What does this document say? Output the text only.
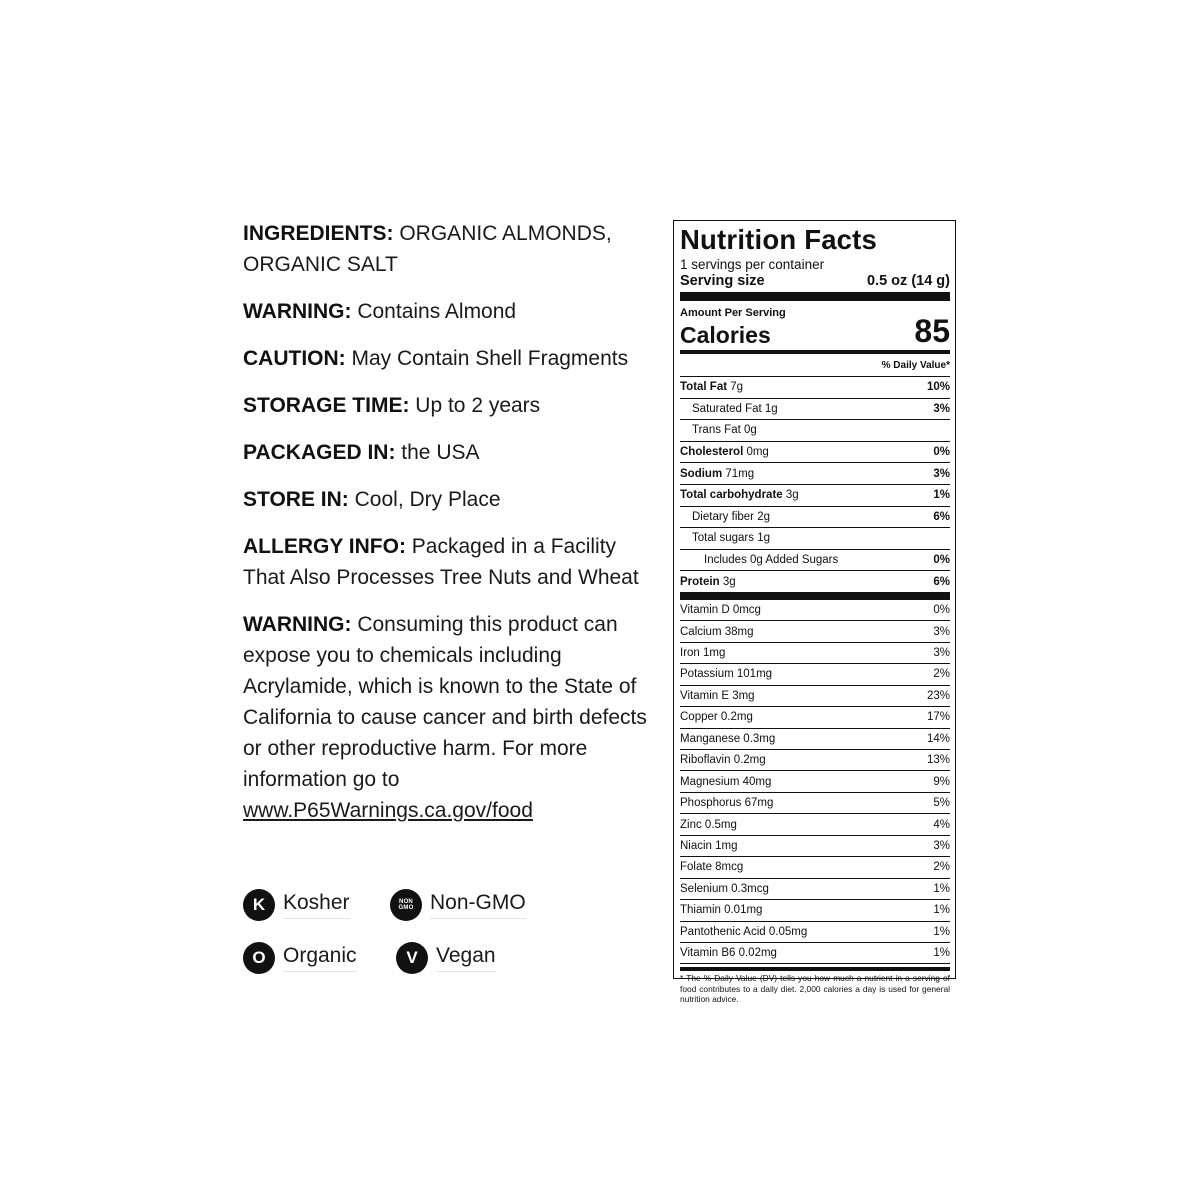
INGREDIENTS: ORGANIC ALMONDS, ORGANIC SALT

WARNING: Contains Almond

CAUTION: May Contain Shell Fragments

STORAGE TIME: Up to 2 years

PACKAGED IN: the USA

STORE IN: Cool, Dry Place

ALLERGY INFO: Packaged in a Facility That Also Processes Tree Nuts and Wheat

WARNING: Consuming this product can expose you to chemicals including Acrylamide, which is known to the State of California to cause cancer and birth defects or other reproductive harm. For more information go to
www.P65Warnings.ca.gov/food

K Kosher	NON
GMO Non-GMO
O Organic	V Vegan
Nutrition Facts
1 servings per container
Serving size	0.5 oz (14 g)
Amount Per Serving
Calories	85
% Daily Value*
Total Fat 7g	10%
Saturated Fat 1g	3%
Trans Fat 0g
Cholesterol 0mg	0%
Sodium 71mg	3%
Total carbohydrate 3g	1%
Dietary fiber 2g	6%
Total sugars 1g
Includes 0g Added Sugars	0%
Protein 3g	6%
Vitamin D 0mcg	0%
Calcium 38mg	3%
Iron 1mg	3%
Potassium 101mg	2%
Vitamin E 3mg	23%
Copper 0.2mg	17%
Manganese 0.3mg	14%
Riboflavin 0.2mg	13%
Magnesium 40mg	9%
Phosphorus 67mg	5%
Zinc 0.5mg	4%
Niacin 1mg	3%
Folate 8mcg	2%
Selenium 0.3mcg	1%
Thiamin 0.01mg	1%
Pantothenic Acid 0.05mg	1%
Vitamin B6 0.02mg	1%
* The % Daily Value (DV) tells you how much a nutrient in a serving of food contributes to a daily diet. 2,000 calories a day is used for general nutrition advice.
